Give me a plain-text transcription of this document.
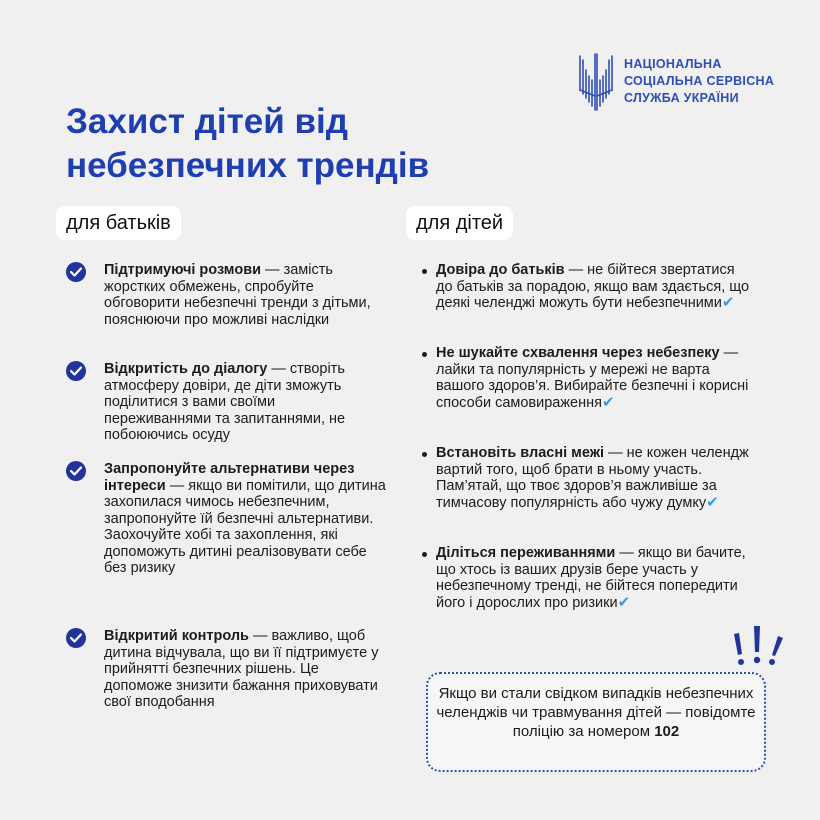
НАЦІОНАЛЬНА
СОЦІАЛЬНА СЕРВІСНА
СЛУЖБА УКРАЇНИ
Захист дітей від
небезпечних трендів
для батьків	для дітей
Підтримуючі розмови — замість жорстких обмежень, спробуйте обговорити небезпечні тренди з дітьми, пояснюючи про можливі наслідки
Відкритість до діалогу — створіть атмосферу довіри, де діти зможуть поділитися з вами своїми переживаннями та запитаннями, не побоюючись осуду
Запропонуйте альтернативи через інтереси — якщо ви помітили, що дитина захопилася чимось небезпечним, запропонуйте їй безпечні альтернативи. Заохочуйте хобі та захоплення, які допоможуть дитині реалізовувати себе без ризику
Відкритий контроль — важливо, щоб дитина відчувала, що ви її підтримуєте у прийнятті безпечних рішень. Це допоможе знизити бажання приховувати свої вподобання
Довіра до батьків — не бійтеся звертатися до батьків за порадою, якщо вам здається, що деякі челенджі можуть бути небезпечними✔
Не шукайте схвалення через небезпеку — лайки та популярність у мережі не варта вашого здоров’я. Вибирайте безпечні і корисні способи самовираження✔
Встановіть власні межі — не кожен челендж вартий того, щоб брати в ньому участь. Пам’ятай, що твоє здоров’я важливіше за тимчасову популярність або чужу думку✔
Діліться переживаннями — якщо ви бачите, що хтось із ваших друзів бере участь у небезпечному тренді, не бійтеся попередити його і дорослих про ризики✔
Якщо ви стали свідком випадків небезпечних челенджів чи травмування дітей — повідомте поліцію за номером 102
